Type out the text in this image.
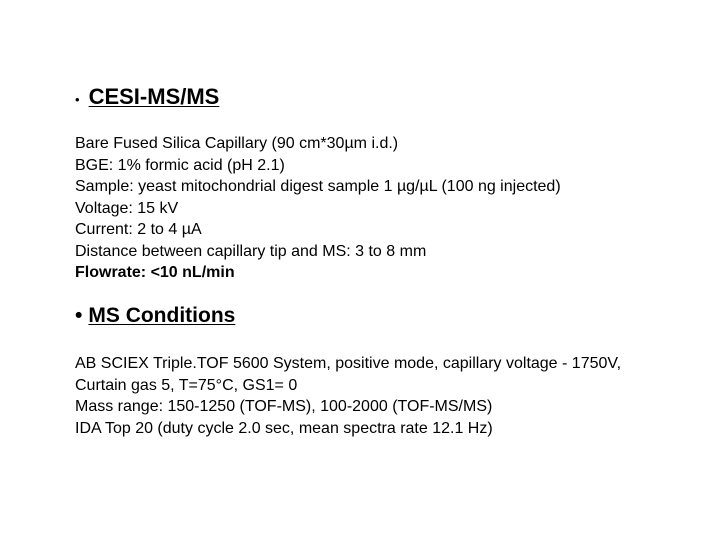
• CESI-MS/MS
Bare Fused Silica Capillary (90 cm*30µm i.d.)
BGE: 1% formic acid (pH 2.1)
Sample: yeast mitochondrial digest sample 1 µg/µL (100 ng injected)
Voltage: 15 kV
Current: 2 to 4 µA
Distance between capillary tip and MS: 3 to 8 mm
Flowrate: <10 nL/min
• MS Conditions
AB SCIEX Triple.TOF 5600 System, positive mode, capillary voltage - 1750V,
Curtain gas 5, T=75°C, GS1= 0
Mass range: 150-1250 (TOF-MS), 100-2000 (TOF-MS/MS)
IDA Top 20 (duty cycle 2.0 sec, mean spectra rate 12.1 Hz)
